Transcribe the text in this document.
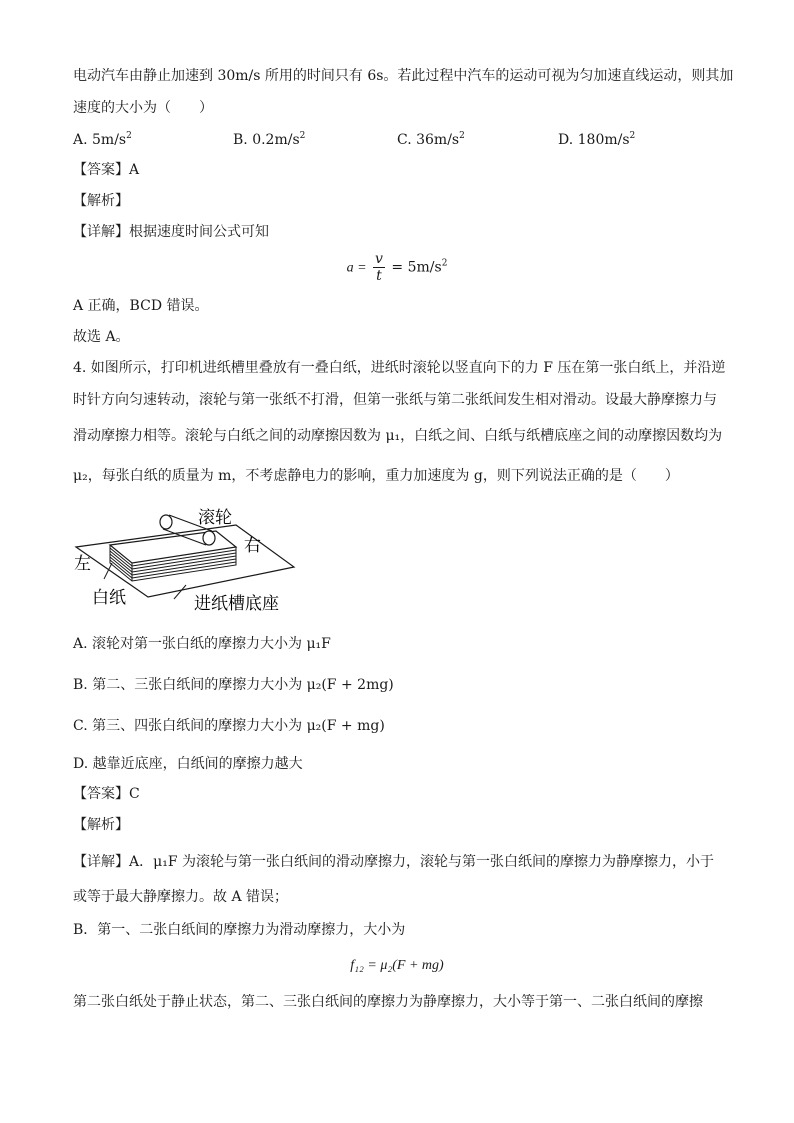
电动汽车由静止加速到 30m/s 所用的时间只有 6s。若此过程中汽车的运动可视为匀加速直线运动，则其加
速度的大小为（　　）
A. $5m/s^2$	B. $0.2m/s^2$	C. $36m/s^2$	D. $180m/s^2$
【答案】A
【解析】
【详解】根据速度时间公式可知
$a = \frac{v}{t} = 5m/s^2$
A 正确，BCD 错误。
故选 A。
4. 如图所示，打印机进纸槽里叠放有一叠白纸，进纸时滚轮以竖直向下的力 F 压在第一张白纸上，并沿逆
时针方向匀速转动，滚轮与第一张纸不打滑，但第一张纸与第二张纸间发生相对滑动。设最大静摩擦力与
滑动摩擦力相等。滚轮与白纸之间的动摩擦因数为 μ₁，白纸之间、白纸与纸槽底座之间的动摩擦因数均为
μ₂，每张白纸的质量为 m，不考虑静电力的影响，重力加速度为 g，则下列说法正确的是（　　）
滚轮
右
左
白纸	进纸槽底座
A. 滚轮对第一张白纸的摩擦力大小为 μ₁F
B. 第二、三张白纸间的摩擦力大小为 μ₂(F + 2mg)
C. 第三、四张白纸间的摩擦力大小为 μ₂(F + mg)
D. 越靠近底座，白纸间的摩擦力越大
【答案】C
【解析】
【详解】A．μ₁F 为滚轮与第一张白纸间的滑动摩擦力，滚轮与第一张白纸间的摩擦力为静摩擦力，小于
或等于最大静摩擦力。故 A 错误；
B．第一、二张白纸间的摩擦力为滑动摩擦力，大小为
f₁₂ = μ₂(F + mg)
第二张白纸处于静止状态，第二、三张白纸间的摩擦力为静摩擦力，大小等于第一、二张白纸间的摩擦
